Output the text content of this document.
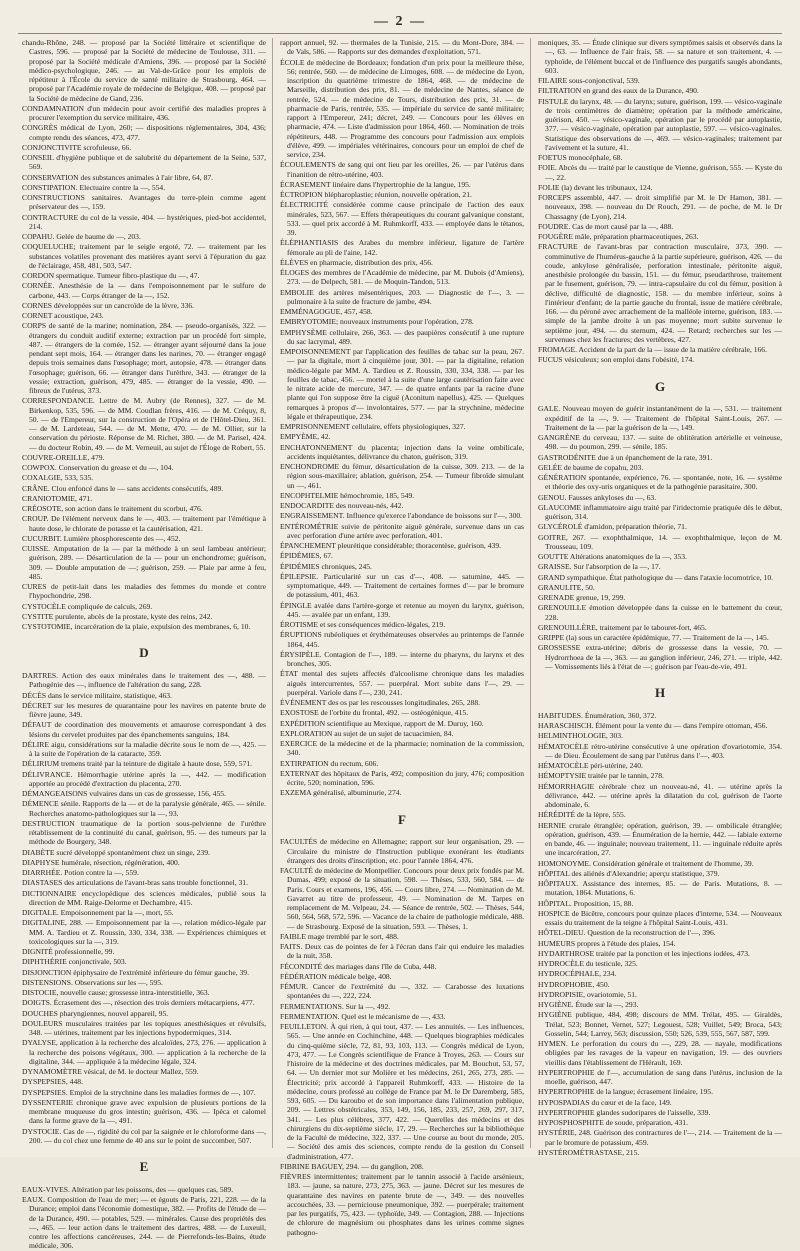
— 2 —
chandu-Rhône, 248. — proposé par la Société littéraire et scientifique de Castres, 596. — proposé par la Société de médecine de Toulouse, 311. — proposé par la Société médicale d'Amiens, 396. — proposé par la Société médico-psychologique, 246. — au Val-de-Grâce pour les emplois de répétiteur à l'École du service de santé militaire de Strasbourg, 464. — proposé par l'Académie royale de médecine de Belgique, 408. — proposé par la Société de médecine de Gand, 236.
CONDAMNATION d'un médecin pour avoir certifié des maladies propres à procurer l'exemption du service militaire, 436.
CONGRÈS médical de Lyon, 260; — dispositions réglementaires, 304, 436; compte rendu des séances, 473, 477.
CONJONCTIVITE scrofuleuse, 66.
CONSEIL d'hygiène publique et de salubrité du département de la Seine, 537, 569.
CONSERVATION des substances animales à l'air libre, 64, 87.
CONSTIPATION. Electuaire contre la —, 554.
CONSTRUCTIONS sanitaires. Avantages du terre-plein comme agent préservateur des —, 159.
CONTRACTURE du col de la vessie, 404. — hystériques, pied-bot accidentel, 214.
COPAHU. Gelée de baume de —, 203.
COQUELUCHE; traitement par le seigle ergoté, 72. — traitement par les substances volatiles provenant des matières ayant servi à l'épuration du gaz de l'éclairage, 458, 481, 503, 547.
CORDON spermatique. Tumeur fibro-plastique du —, 47.
CORNÉE. Anesthésie de la — dans l'empoisonnement par le sulfure de carbone, 443. — Corps étranger de la —, 152.
CORNES développées sur un cancroïde de la lèvre, 336.
CORNET acoustique, 243.
CORPS de santé de la marine; nomination, 284. — pseudo-organisés, 322. — étrangers du conduit auditif externe; extraction par un procédé fort simple, 487. — étrangers de la cornée, 152. — étranger ayant séjourné dans la joue pendant sept mois, 164. — étranger dans les narines, 70. — étranger engagé depuis trois semaines dans l'œsophage; mort, autopsie, 478. — étranger dans l'œsophage; guérison, 66. — étranger dans l'urèthre, 343. — étranger de la vessie; extraction, guérison, 479, 485. — étranger de la vessie, 490. — fibreux de l'utérus, 373.
CORRESPONDANCE. Lettre de M. Aubry (de Rennes), 327. — de M. Birkenkop, 535, 596. — de MM. Coudlan frères, 416. — de M. Créquy, 8, 50. — de l'Empereur, sur la construction de l'Opéra et de l'Hôtel-Dieu, 361. — de M. Lardeteau, 544. — de M. Mette, 470. — de M. Ollier, sur la conservation du périoste. Réponse de M. Richet, 380. — de M. Parisel, 424. — du docteur Robin, 49. — de M. Verneuil, au sujet de l'Éloge de Robert, 55.
COUVRE-OREILLE, 479.
COWPOX. Conservation du grease et du —, 104.
COXALGIE, 533, 535.
CRÂNE. Clou enfoncé dans le — sans accidents consécutifs, 489.
CRANIOTOMIE, 471.
CRÉOSOTE, son action dans le traitement du scorbut, 476.
CROUP. De l'élément nerveux dans le —, 403. — traitement par l'émétique à haute dose, le chlorate de potasse et la cautérisation, 421.
CUCURBIT. Lumière phosphorescente des —, 452.
CUISSE. Amputation de la — par la méthode à un seul lambeau antérieur; guérison, 289. — Désarticulation de la — pour un enchondrome; guérison, 309. — Double amputation de —; guérison, 259. — Plaie par arme à feu, 485.
CURES de petit-lait dans les maladies des femmes du monde et contre l'hypochondrie, 298.
CYSTOCÈLE compliquée de calculs, 269.
CYSTITE purulente, abcès de la prostate, kyste des reins, 242.
CYSTOTOMIE, incarcération de la plaie, expulsion des membranes, 6, 10.
D
DARTRES. Action des eaux minérales dans le traitement des —, 488. — Pathogénie des —, influence de l'altération du sang, 228.
DÉCÈS dans le service militaire, statistique, 463.
DÉCRET sur les mesures de quarantaine pour les navires en patente brute de fièvre jaune, 349.
DÉFAUT de coordination des mouvements et amaurose correspondant à des lésions du cervelet produites par des épanchements sanguins, 184.
DÉLIRE aigu, considérations sur la maladie décrite sous le nom de —, 425. — à la suite de l'opération de la cataracte, 359.
DÉLIRIUM tremens traité par la teinture de digitale à haute dose, 559, 571.
DÉLIVRANCE. Hémorrhagie utérine après la —, 442. — modification apportée au procédé d'extraction du placenta, 270.
DÉMANGEAISONS vulvaires dans un cas de grossesse, 156, 455.
DÉMENCE sénile. Rapports de la — et de la paralysie générale, 465. — sénile. Recherches anatomo-pathologiques sur la —, 93.
DESTRUCTION traumatique de la portion sous-pelvienne de l'urèthre rétablissement de la continuité du canal, guérison, 95. — des tumeurs par la méthode de Bourgery, 348.
DIABÈTE sucré développé spontanément chez un singe, 239.
DIAPHYSE humérale, résection, régénération, 400.
DIARRHÉE. Potion contre la —, 559.
DIASTASES des articulations de l'avant-bras sans trouble fonctionnel, 31.
DICTIONNAIRE encyclopédique des sciences médicales, publié sous la direction de MM. Raige-Delorme et Dechambre, 415.
DIGITALE. Empoisonnement par la —, mort, 55.
DIGITALINE, 288. — Empoisonnement par la —, relation médico-légale par MM. A. Tardieu et Z. Roussin, 330, 334, 338. — Expériences chimiques et toxicologiques sur la —, 319.
DIGNITÉ professionnelle, 99.
DIPHTHÉRIE conjonctivale, 503.
DISJONCTION épiphysaire de l'extrémité inférieure du fémur gauche, 39.
DISTENSIONS. Observations sur les —, 595.
DISTOCIE, nouvelle cause; grossesse intra-interstitielle, 363.
DOIGTS. Écrasement des —, résection des trois derniers métacarpiens, 477.
DOUCHES pharyngiennes, nouvel appareil, 95.
DOULEURS musculaires traitées par les topiques anesthésiques et révulsifs, 348. — utérines, traitement par les injections hypodermiques, 314.
DYALYSE, application à la recherche des alcaloïdes, 273, 276. — application à la recherche des poisons végétaux, 300. — application à la recherche de la digitaline, 344. — appliquée à la médecine légale, 324.
DYNAMOMÈTRE vésical, de M. le docteur Mallez, 559.
DYSPEPSIES, 448.
DYSPEPSIES. Emploi de la strychnine dans les maladies formes de —, 107.
DYSSENTERIE chronique grave avec expulsion de plusieurs portions de la membrane muqueuse du gros intestin; guérison, 436. — Ipéca et calomel dans la forme grave de la —, 491.
DYSTOCIE. Cas de —, rigidité du col par la saignée et le chloroforme dans —, 200. — du col chez une femme de 40 ans sur le point de succomber, 507.
E
EAUX-VIVES. Altération par les poissons, des — quelques cas, 589.
EAUX. Composition de l'eau de mer; — et égouts de Paris, 221, 228. — de la Durance; emploi dans l'économie domestique, 382. — Profits de l'étude de — de la Durance, 490. — potables, 529. — minérales. Cause des propriétés des —, 465. — leur action dans le traitement des dartres, 488. — de Luxeuil, contre les affections cancéreuses, 244. — de Pierrefonds-les-Bains, étude médicale, 306.
rapport annuel, 92. — thermales de la Tunisie, 215. — du Mont-Dore, 384. — de Vals, 586. — Rapports sur des demandes d'exploitation, 571.
ÉCOLE de médecine de Bordeaux; fondation d'un prix pour la meilleure thèse, 56; rentrée, 560. — de médecine de Limoges, 608. — de médecine de Lyon, inscription du quatrième trimestre de 1864, 468. — de médecine de Marseille, distribution des prix, 81. — de médecine de Nantes, séance de rentrée, 524. — de médecine de Tours, distribution des prix, 31. — de pharmacie de Paris, rentrée, 535. — impériale du service de santé militaire; rapport à l'Empereur, 241; décret, 249. — Concours pour les élèves en pharmacie, 474. — Liste d'admission pour 1864, 460. — Nomination de trois répétiteurs, 448. — Programme des concours pour l'admission aux emplois d'élève, 499. — impériales vétérinaires, concours pour un emploi de chef de service, 234.
ÉCOULEMENTS de sang qui ont lieu par les oreilles, 26. — par l'utérus dans l'inanition de rétro-utérine, 403.
ÉCRASEMENT linéaire dans l'hypertrophie de la langue, 195.
ÉCTROPION blépharoplastie; réunion, nouvelle opération, 21.
ÉLECTRICITÉ considérée comme cause principale de l'action des eaux minérales, 523, 567. — Effets thérapeutiques du courant galvanique constant, 533. — quel prix accordé à M. Ruhmkorff, 433. — employée dans le tétanos, 39.
ÉLÉPHANTIASIS des Arabes du membre inférieur, ligature de l'artère fémorale au pli de l'aine, 142.
ÉLÈVES en pharmacie, distribution des prix, 456.
ÉLOGES des membres de l'Académie de médecine, par M. Dubois (d'Amiens), 273. — de Delpech, 581. — de Moquin-Tandon, 513.
EMBOLIE des artères mésentériques, 203. — Diagnostic de l'—, 3. — pulmonaire à la suite de fracture de jambe, 494.
EMMÉNAGOGUE, 457, 458.
EMBRYOTOMIE; nouveaux instruments pour l'opération, 278.
EMPHYSÈME cellulaire, 266, 363. — des paupières consécutif à une rupture du sac lacrymal, 489.
EMPOISONNEMENT par l'application des feuilles de tabac sur la peau, 267. — par la digitale, mort à cinquième jour, 301. — par la digitaline, relation médico-légale par MM. A. Tardieu et Z. Roussin, 330, 334, 338. — par les feuilles de tabac, 456. — mortel à la suite d'une large cautérisation faite avec le nitrate acide de mercure, 347. — de quatre enfants par la racine d'une plante qui l'on suppose être la ciguë (Aconitum napellus), 425. — Quelques remarques à propos d'— involontaires, 577. — par la strychnine, médecine légale et thérapeutique, 234.
EMPRISONNEMENT cellulaire, effets physiologiques, 327.
EMPYÈME, 42.
ENCHATONNEMENT du placenta; injection dans la veine ombilicale, accidents inquiétantes, délivrance du chaton, guérison, 319.
ENCHONDROME du fémur, désarticulation de la cuisse, 309. 213. — de la région sous-maxillaire; ablation, guérison, 254. — Tumeur fibroïde simulant un —, 461.
ENCOPHTELMIE hémochromie, 185, 549.
ENDOCARDITE des nouveau-nés, 442.
ENGRAISSEMENT. Influence qu'exerce l'abondance de boissons sur l'—, 300.
ENTÉROMÉTRIE suivie de péritonite aiguë générale, survenue dans un cas avec perforation d'une artère avec perforation, 401.
ÉPANCHEMENT pleurétique considérable; thoracentèse, guérison, 439.
ÉPIDÉMIES, 67.
ÉPIDÉMIES chroniques, 245.
ÉPILEPSIE. Particularité sur un cas d'—, 408. — saturnine, 445. — symptomatique, 449. — Traitement de certaines formes d'— par le bromure de potassium, 401, 463.
ÉPINGLE avalée dans l'artère-gorge et retenue au moyen du larynx, guérison, 445. — avalée par un enfant, 139.
ÉROTISME et ses conséquences médico-légales, 219.
ÉRUPTIONS rubéoliques et érythémateuses observées au printemps de l'année 1864, 445.
ÉRYSIPÈLE. Contagion de l'—, 189. — interne du pharynx, du larynx et des bronches, 305.
ÉTAT mental des sujets affectés d'alcoolisme chronique dans les maladies aiguës intercurrentes, 557. — puerpéral. Mort subite dans l'—, 29. — puerpéral. Variole dans l'—, 230, 241.
ÉVÉNEMENT des os par les rescousses longitudinales, 265, 288.
EXOSTOSE de l'orbite du frontal, 492. — ostéogénique, 415.
EXPÉDITION scientifique au Mexique, rapport de M. Duruy, 160.
EXPLORATION au sujet de un sujet de tacuacimien, 84.
EXERCICE de la médecine et de la pharmacie; nomination de la commission, 340.
EXTIRPATION du rectum, 606.
EXTERNAT des hôpitaux de Paris, 492; composition du jury, 476; composition écrite, 520; nomination, 596.
EXZEMA généralisé, albuminurie, 274.
F
FACULTÉS de médecine en Allemagne; rapport sur leur organisation, 29. — Circulaire du ministre de l'Instruction publique exonérant les étudiants étrangers des droits d'inscription, etc. pour l'année 1864, 476.
FACULTÉ de médecine de Montpellier. Concours pour deux prix fondés par M. Dumas, 499; exposé de la situation, 598. — Thèses, 533, 560, 584. — de Paris. Cours et examens, 196, 456. — Cours libre, 274. — Nomination de M. Gavarret au titre de professeur, 49. — Nomination de M. Tarpes en remplacement de M. Velpeau, 24. — Séance de rentrée, 502. — Thèses, 544, 560, 564, 568, 572, 596. — Vacance de la chaire de pathologie médicale, 488. — de Strasbourg. Exposé de la situation, 593. — Thèses, 1.
FAIBLE mage tremblé par le sort, 488.
FAITS. Deux cas de pointes de fer à l'écran dans l'air qui enduire les maladies de la nuit, 358.
FÉCONDITÉ des mariages dans l'île de Cuba, 448.
FÉDÉRATION médicale belge, 408.
FÉMUR. Cancer de l'extrémité du —, 332. — Carabosse des luxations spontanées du —, 222, 224.
FERMENTATIONS. Sur la —, 492.
FERMENTATION. Quel est le mécanisme de —, 433.
FEUILLETON. À qui rien, à qui tout, 437. — Les annuités. — Les influences, 565. — Une année en Cochinchine, 448. — Quelques biographies médicales du cinq-quième siècle, 72, 81, 93, 103, 113. — Congrès médical de Lyon, 473, 477. — Le Congrès scientifique de France à Troyes, 263. — Cours sur l'histoire de la médecine et des doctrines médicales, par M. Bouchut, 53, 57, 64. — Un dernier mot sur Molière et les médecins, 261, 265, 273, 285. — Électricité; prix accordé à l'appareil Ruhmkorff, 433. — Histoire de la médecine, cours professé au collège de France par M. le Dr Daremberg, 585, 593, 605. — Du karoubo et de son importance dans l'alimentation publique, 209. — Lettres obstétricales, 353, 149, 156, 185, 233, 257, 269, 297, 317, 341. — Les plus célèbres, 377, 422. — Querelles des médecins et des chirurgiens du dix-septième siècle, 17, 29. — Recherches sur la bibliothèque de la Faculté de médecine, 322, 337. — Une course au bout du monde, 205. — Société des amis des sciences, compte rendu de la gestion du Conseil d'administration, 477.
FIBRINE BAGUEY, 294. — du ganglion, 208.
FIÈVRES intermittentes; traitement par le tannin associé à l'acide arsénieux, 183. — jaune, sa nature, 273, 275, 363. — jaune. Décret sur les mesures de quarantaine des navires en patente brute de —, 349. — des nouvelles accouchées, 33. — perniciouse pneumonique, 392. — puerpérale; traitement par les purgatifs, 75, 423. — typhoïde, 349. — Contagion, 288. — Injections de chlorure de magnésium ou phosphates dans les urines comme signes pathogno-
moniques, 35. — Étude clinique sur divers symptômes saisis et observés dans la —, 63. — Influence de l'air frais, 58. — sa nature et son traitement, 4. — typhoïde, de l'élément buccal et de l'influence des purgatifs saugés abondants, 603.
FILAIRE sous-conjonctival, 539.
FILTRATION en grand des eaux de la Durance, 490.
FISTULE du larynx, 48. — du larynx; suture, guérison, 199. — vésico-vaginale de trois centimètres de diamètre; opération par la méthode américaine, guérison, 450. — vésico-vaginale, opération par le procédé par autoplastie, 377. — vésico-vaginale, opération par autoplastie, 597. — vésico-vaginales. Statistique des observations de —, 469. — vésico-vaginales; traitement par l'avivement et la suture, 41.
FOETUS monocéphale, 68.
FOIE. Abcès du — traité par le caustique de Vienne, guérison, 555. — Kyste du —, 22.
FOLIE (la) devant les tribunaux, 124.
FORCEPS assemblé, 447. — droit simplifié par M. le Dr Hamon, 381. — nouveaux, 398. — nouveau du Dr Rouch, 291. — de poche, de M. le Dr Chassagny (de Lyon), 214.
FOUDRE. Cas de mort causé par la —, 488.
FOUGÈRE mâle, préparation pharmaceutiques, 263.
FRACTURE de l'avant-bras par contraction musculaire, 373, 390. — comminutive de l'humérus-gauche à la partie supérieure, guérison, 426. — du coude, ankylose généralisée, perforation intestinale, péritonite aiguë, anesthésie prolongée du bassin, 151. — du fémur, pseudarthrose, traitement par le fusement, guérison, 79. — intra-capsulaire du col du fémur, position à déclive, difficulté de diagnostic, 158. — du membre inférieur, soins à l'intérieur d'enfant; de la partie gauche du frontal, issue de matière cérébrale, 166. — du péroné avec arrachement de la malléole interne, guérison, 183. — simple de la jambe droite à un pas moyenne; mort subite survenue le septième jour, 494. — du sternum, 424. — Retard; recherches sur les — survenues chez les fractures; des vertèbres, 427.
FROMAGE. Accident de la part de la — issue de la matière cérébrale, 166.
FUCUS vésiculeux; son emploi dans l'obésité, 174.
G
GALE. Nouveau moyen de guérir instantanément de la —, 531. — traitement expéditif de la —, 9. — Traitement de l'hôpital Saint-Louis, 267. — Traitement de la — par la guérison de la —, 149.
GANGRÈNE du cerveau, 137. — suite de oblitération artérielle et veineuse, 498. — du poumon, 299. — sénile, 185.
GASTRODÉNITE due à un épanchement de la rate, 391.
GELÉE de baume de copahu, 203.
GÉNÉRATION spontanée, expérience, 76. — spontanée, note, 16. — système et théorie des oxy-uris organiques et de la pathogénie parasitaire, 300.
GENOU. Fausses ankyloses du —, 63.
GLAUCOME inflammatoire aigu traité par l'iridectomie pratiquée dès le début, guérison, 314.
GLYCÉROLÉ d'amidon, préparation théorie, 71.
GOITRE, 267. — exophthalmique, 14. — exophthalmique, leçon de M. Trousseau, 109.
GOUTTE Altérations anatomiques de la —, 353.
GRAISSE. Sur l'absorption de la —, 17.
GRAND sympathique. État pathologique du — dans l'ataxie locomotrice, 10.
GRANULITE, 50.
GRENADE grenue, 19, 299.
GRENOUILLE émotion développée dans la cuisse en le battement du cœur, 228.
GRENOUILLÈRE, traitement par le tabouret-fort, 465.
GRIPPE (la) sous un caractère épidémique, 77. — Traitement de la —, 145.
GROSSESSE extra-utérine; débris de grossesse dans la vessie, 70. — Hydrorrhoea de la —, 363. — au ganglion inférieur, 246, 271. — triple, 442. — Vomissements liés à l'état de —; guérison par l'eau-de-vie, 491.
H
HABITUDES. Énumération, 360, 372.
HARASCHISCH. Élément pour la vente du — dans l'empire ottoman, 456.
HELMINTHOLOGIE, 303.
HÉMATOCÈLE rétro-utérine consécutive à une opération d'ovariotomie, 354. — de Dieu. Écoulement de sang par l'utérus dans l'—, 403.
HÉMATOCÈLE péri-utérine, 240.
HÉMOPTYSIE traitée par le tannin, 278.
HÉMORRHAGIE cérébrale chez un nouveau-né, 41. — utérine après la délivrance, 442. — utérine après la dilatation du col, guérison de l'aorte abdominale, 6.
HÉRÉDITÉ de la lèpre, 555.
HERNIE crurale étranglée; opération, guérison, 39. — ombilicale étranglée; opération, guérison, 439. — Énumération de la hernie, 442. — labiale externe en bande, 46. — inguinale; nouveau traitement, 11. — inguinale réduite après une incarcération, 27.
HOMONOYME. Considération générale et traitement de l'homme, 39.
HÔPITAL des aliénés d'Alexandrie; aperçu statistique, 379.
HÔPITAUX. Assistance des internes, 85. — de Paris. Mutations, 8. — mutation, 1864. Mutations, 6.
HÔPITAL. Proposition, 15, 88.
HOSPICE de Bicêtre, concours pour quinze places d'interne, 534. — Nouveaux essais du traitement de la teigne à l'hôpital Saint-Louis, 431.
HÔTEL-DIEU. Question de la reconstruction de l'—, 396.
HUMEURS propres à l'étude des plaies, 154.
HYDARTHROSE traitée par la ponction et les injections iodées, 473.
HYDROCÈLE du testicule, 325.
HYDROCÉPHALE, 234.
HYDROPHOBIE, 450.
HYDROPISIE, ovariotomie, 51.
HYGIÈNE. Étude sur la —, 293.
HYGIÈNE publique, 484, 498; discours de MM. Trélat, 495. — Giraldès, Trélat, 523; Bonnet, Vernet, 527; Legouest, 528; Vuillet, 549; Broca, 543; Gosselin, 544; Larrey, 563; discussion, 550; 526, 539, 555, 567, 587, 599.
HYMEN. Le perforation du cours du —, 229, 28. — nayale, modifications obligées par les ravages de la vapeur en navigation, 19. — des ouvriers vieillis dans l'établissement de l'Hérault, 169.
HYPERTROPHIE de l'—, accumulation de sang dans l'utérus, inclusion de la moelle, guérison, 447.
HYPERTROPHIE de la langue; écrasement linéaire, 195.
HYPOSPADIAS du cœur et de la face, 149.
HYPERTROPHIE glandes sudoripares de l'aisselle, 339.
HYPOSPHOSPHITE de soude, préparation, 431.
HYSTÉRIE, 248. Guérison des contractures de l'—, 214. — Traitement de la — par le bromure de potassium, 459.
HYSTÉROMÉTRASTASE, 215.
